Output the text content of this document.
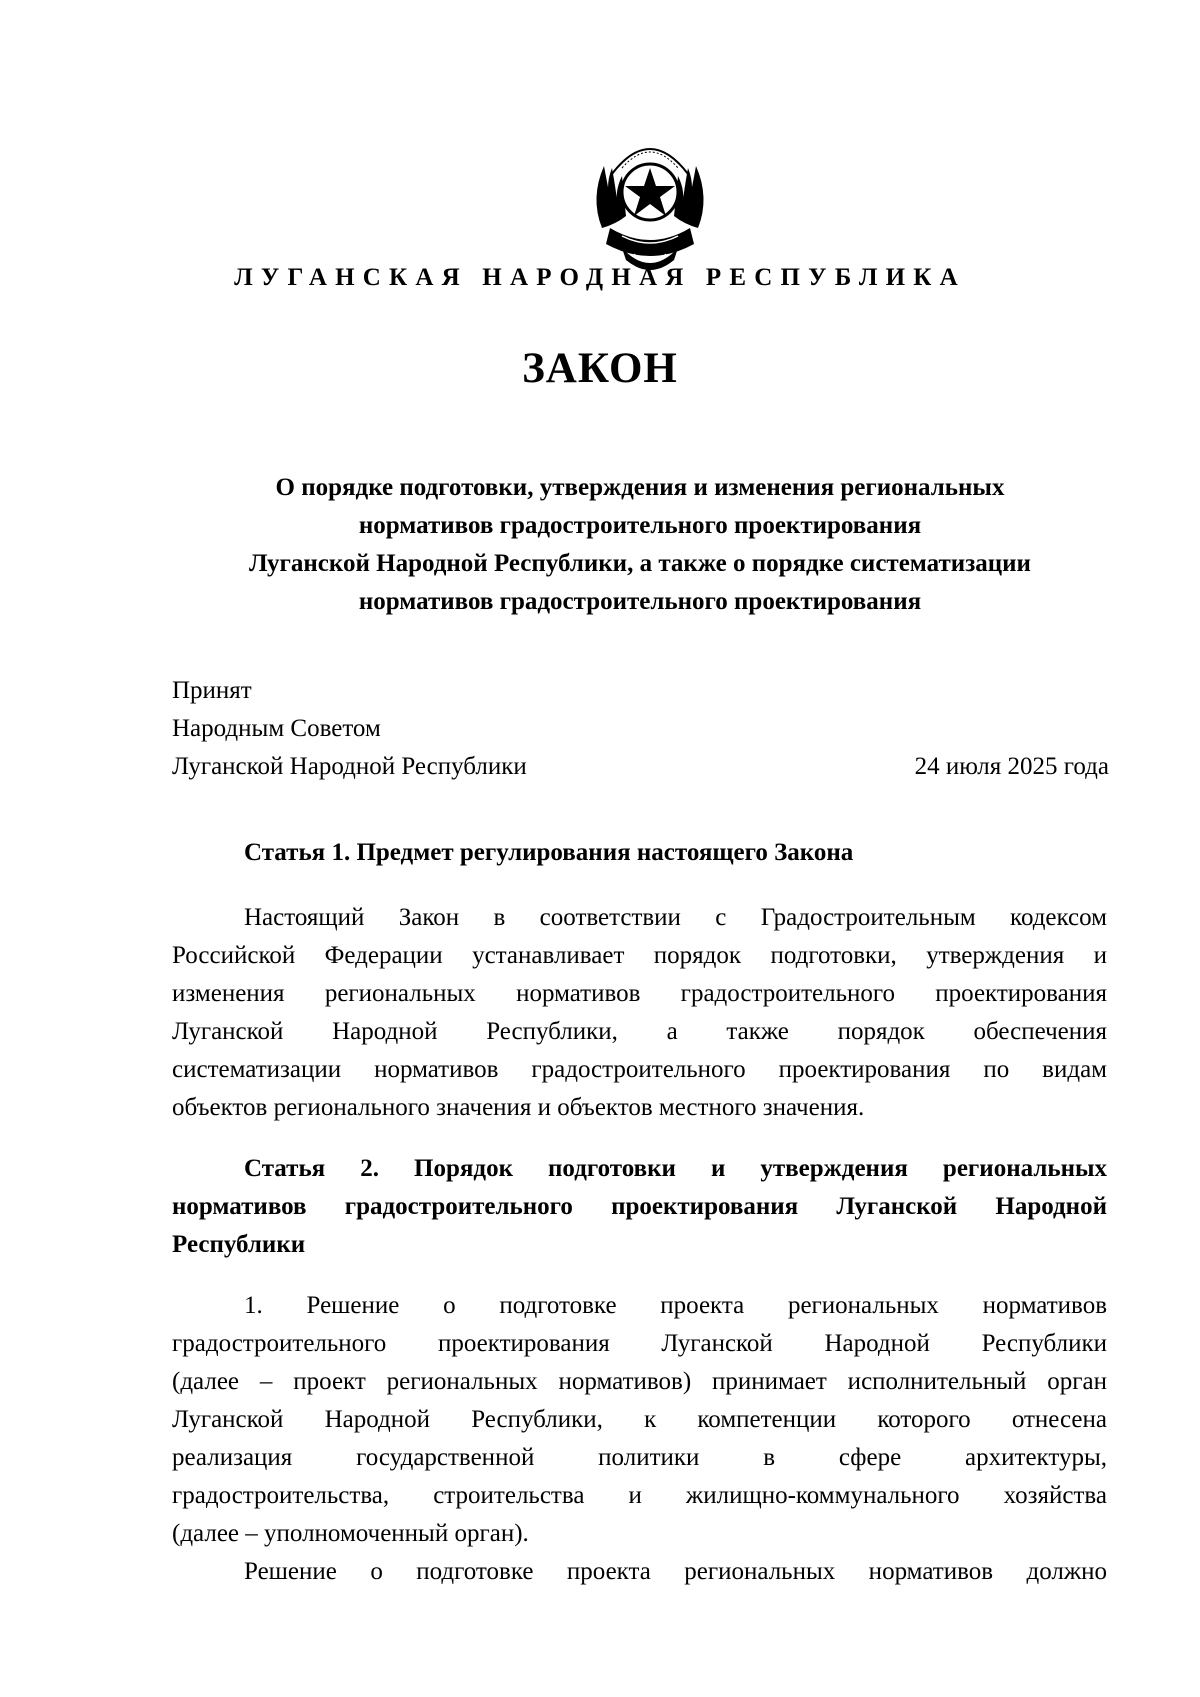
ЛУГАНСКАЯ НАРОДНАЯ РЕСПУБЛИКА
ЗАКОН
О порядке подготовки, утверждения и изменения региональных
нормативов градостроительного проектирования
Луганской Народной Республики, а также о порядке систематизации
нормативов градостроительного проектирования
Принят
Народным Советом
Луганской Народной Республики	24 июля 2025 года
Статья 1. Предмет регулирования настоящего Закона
Настоящий Закон в соответствии с Градостроительным кодексом
Российской Федерации устанавливает порядок подготовки, утверждения и
изменения региональных нормативов градостроительного проектирования
Луганской Народной Республики, а также порядок обеспечения
систематизации нормативов градостроительного проектирования по видам
объектов регионального значения и объектов местного значения.
Статья 2. Порядок подготовки и утверждения региональных
нормативов градостроительного проектирования Луганской Народной
Республики
1. Решение о подготовке проекта региональных нормативов
градостроительного проектирования Луганской Народной Республики
(далее – проект региональных нормативов) принимает исполнительный орган
Луганской Народной Республики, к компетенции которого отнесена
реализация государственной политики в сфере архитектуры,
градостроительства, строительства и жилищно-коммунального хозяйства
(далее – уполномоченный орган).
Решение о подготовке проекта региональных нормативов должно
